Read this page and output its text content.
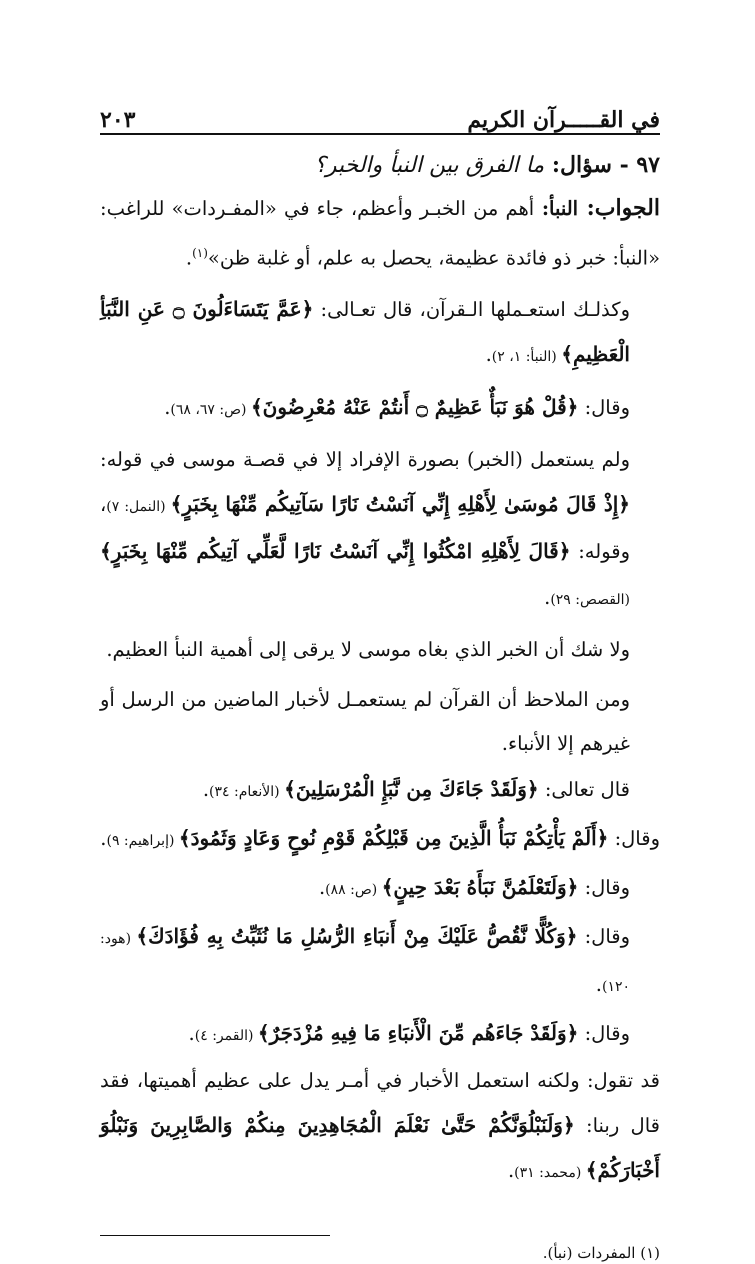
في القـــــرآن الكريم
٢٠٣
٩٧ - سؤال: ما الفرق بين النبأ والخبر؟

الجواب: النبأ: أهم من الخبـر وأعظم، جاء في «المفـردات» للراغب: «النبأ: خبر ذو فائدة عظيمة، يحصل به علم، أو غلبة ظن»$^{(١)}$.

وكذلـك استعـملها الـقرآن، قال تعـالى: ﴿عَمَّ يَتَسَاءَلُونَ ۝ عَنِ النَّبَأِ الْعَظِيمِ﴾ (النبأ: ١، ٢).

وقال: ﴿قُلْ هُوَ نَبَأٌ عَظِيمٌ ۝ أَنتُمْ عَنْهُ مُعْرِضُونَ﴾ (ص: ٦٧، ٦٨).

ولم يستعمل (الخبر) بصورة الإفراد إلا في قصـة موسى في قوله: ﴿إِذْ قَالَ مُوسَىٰ لِأَهْلِهِ إِنِّي آنَسْتُ نَارًا سَآتِيكُم مِّنْهَا بِخَبَرٍ﴾ (النمل: ٧)، وقوله: ﴿قَالَ لِأَهْلِهِ امْكُثُوا إِنِّي آنَسْتُ نَارًا لَّعَلِّي آتِيكُم مِّنْهَا بِخَبَرٍ﴾ (القصص: ٢٩).

ولا شك أن الخبر الذي بغاه موسى لا يرقى إلى أهمية النبأ العظيم.

ومن الملاحظ أن القرآن لم يستعمـل لأخبار الماضين من الرسل أو غيرهم إلا الأنباء.

قال تعالى: ﴿وَلَقَدْ جَاءَكَ مِن نَّبَإِ الْمُرْسَلِينَ﴾ (الأنعام: ٣٤).

وقال: ﴿أَلَمْ يَأْتِكُمْ نَبَأُ الَّذِينَ مِن قَبْلِكُمْ قَوْمِ نُوحٍ وَعَادٍ وَثَمُودَ﴾ (إبراهيم: ٩).

وقال: ﴿وَلَتَعْلَمُنَّ نَبَأَهُ بَعْدَ حِينٍ﴾ (ص: ٨٨).

وقال: ﴿وَكُلًّا نَّقُصُّ عَلَيْكَ مِنْ أَنبَاءِ الرُّسُلِ مَا نُثَبِّتُ بِهِ فُؤَادَكَ﴾ (هود: ١٢٠).

وقال: ﴿وَلَقَدْ جَاءَهُم مِّنَ الْأَنبَاءِ مَا فِيهِ مُزْدَجَرٌ﴾ (القمر: ٤).

قد تقول: ولكنه استعمل الأخبار في أمـر يدل على عظيم أهميتها، فقد قال ربنا: ﴿وَلَنَبْلُوَنَّكُمْ حَتَّىٰ نَعْلَمَ الْمُجَاهِدِينَ مِنكُمْ وَالصَّابِرِينَ وَنَبْلُوَ أَخْبَارَكُمْ﴾ (محمد: ٣١).

(١) المفردات (نبأ).
